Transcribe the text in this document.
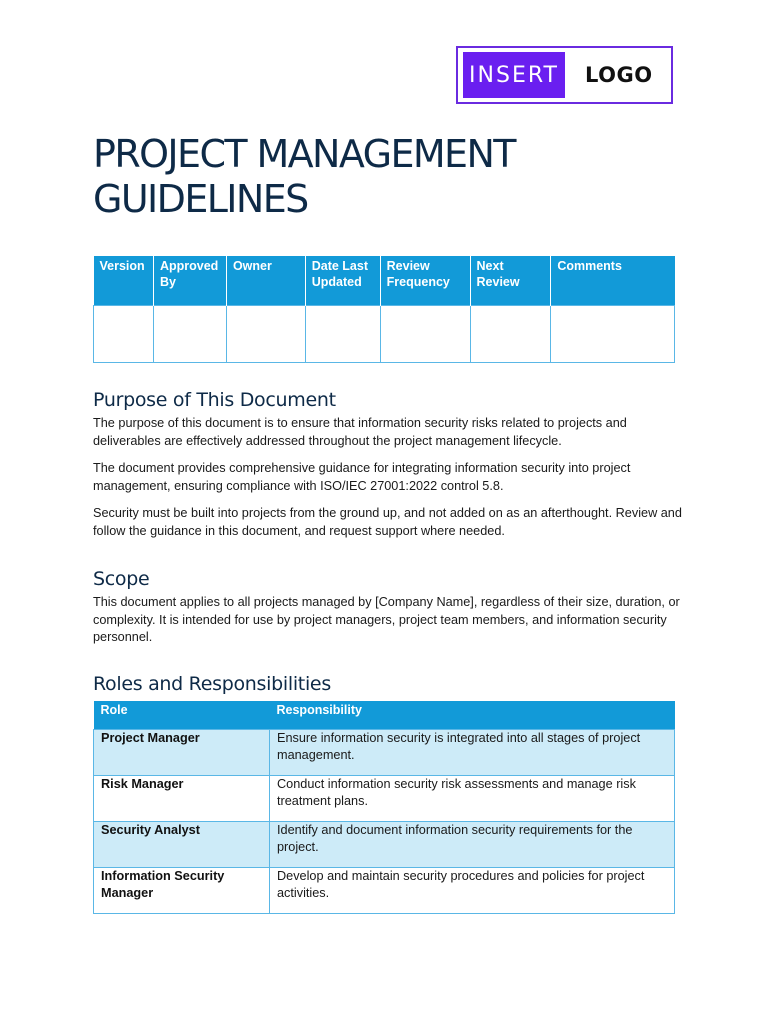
INSERT LOGO
PROJECT MANAGEMENT
GUIDELINES
Version	Approved By	Owner	Date Last Updated	Review Frequency	Next Review	Comments

Purpose of This Document

The purpose of this document is to ensure that information security risks related to projects and deliverables are effectively addressed throughout the project management lifecycle.

The document provides comprehensive guidance for integrating information security into project management, ensuring compliance with ISO/IEC 27001:2022 control 5.8.

Security must be built into projects from the ground up, and not added on as an afterthought. Review and follow the guidance in this document, and request support where needed.

Scope

This document applies to all projects managed by [Company Name], regardless of their size, duration, or complexity. It is intended for use by project managers, project team members, and information security personnel.

Roles and Responsibilities
Role	Responsibility
Project Manager	Ensure information security is integrated into all stages of project management.
Risk Manager	Conduct information security risk assessments and manage risk treatment plans.
Security Analyst	Identify and document information security requirements for the project.
Information Security Manager	Develop and maintain security procedures and policies for project activities.
